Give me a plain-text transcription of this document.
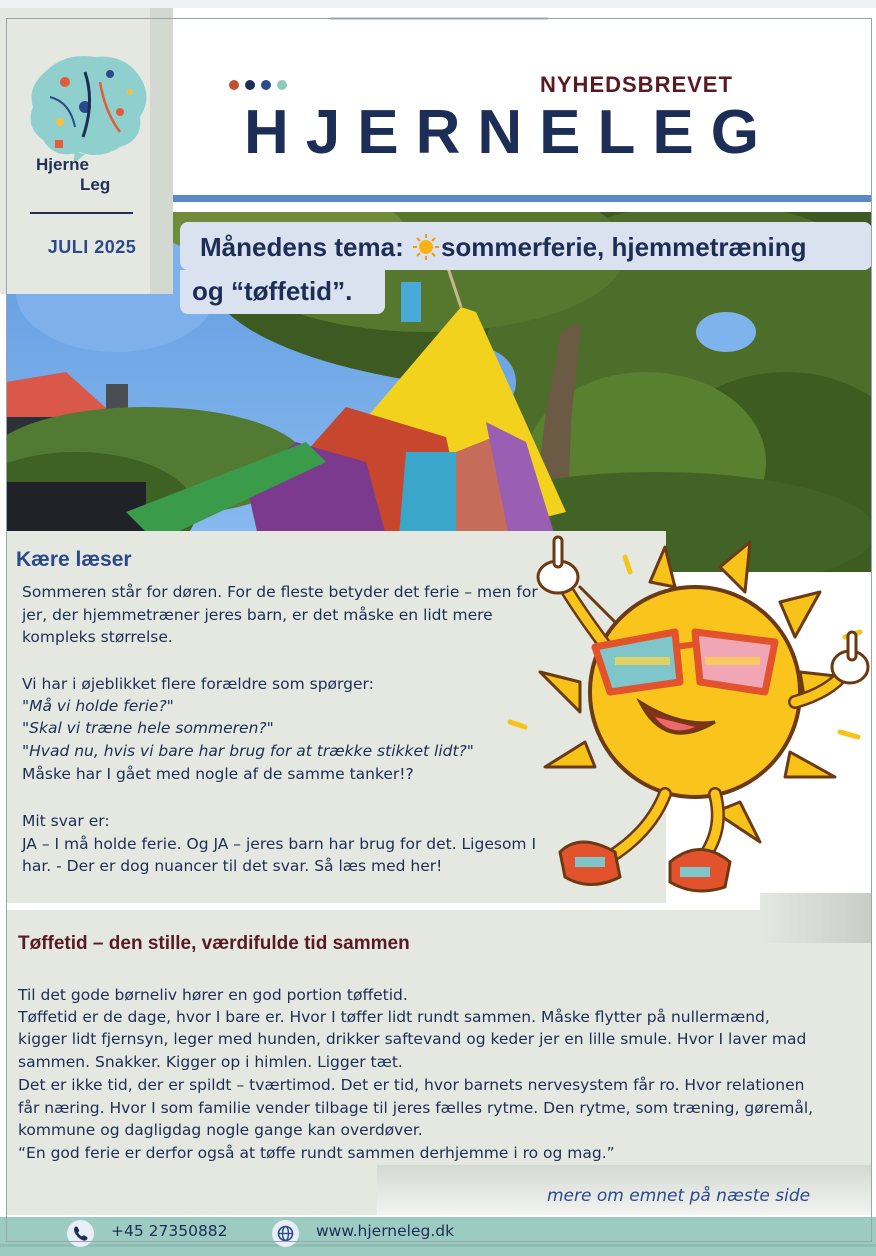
Hjerne
Leg
JULI 2025
NYHEDSBREVET
HJERNELEG
Månedens tema: sommerferie, hjemmetræning
og “tøffetid”.
Kære læser
Sommeren står for døren. For de fleste betyder det ferie – men for
jer, der hjemmetræner jeres barn, er det måske en lidt mere
kompleks størrelse.
Vi har i øjeblikket flere forældre som spørger:
"Må vi holde ferie?"
"Skal vi træne hele sommeren?"
"Hvad nu, hvis vi bare har brug for at trække stikket lidt?"
Måske har I gået med nogle af de samme tanker!?
Mit svar er:
JA – I må holde ferie. Og JA – jeres barn har brug for det. Ligesom I
har. - Der er dog nuancer til det svar. Så læs med her!
Tøffetid – den stille, værdifulde tid sammen
Til det gode børneliv hører en god portion tøffetid.
Tøffetid er de dage, hvor I bare er. Hvor I tøffer lidt rundt sammen. Måske flytter på nullermænd,
kigger lidt fjernsyn, leger med hunden, drikker saftevand og keder jer en lille smule. Hvor I laver mad
sammen. Snakker. Kigger op i himlen. Ligger tæt.
Det er ikke tid, der er spildt – tværtimod. Det er tid, hvor barnets nervesystem får ro. Hvor relationen
får næring. Hvor I som familie vender tilbage til jeres fælles rytme. Den rytme, som træning, gøremål,
kommune og dagligdag nogle gange kan overdøver.
“En god ferie er derfor også at tøffe rundt sammen derhjemme i ro og mag.”
mere om emnet på næste side
+45 27350882	www.hjerneleg.dk
